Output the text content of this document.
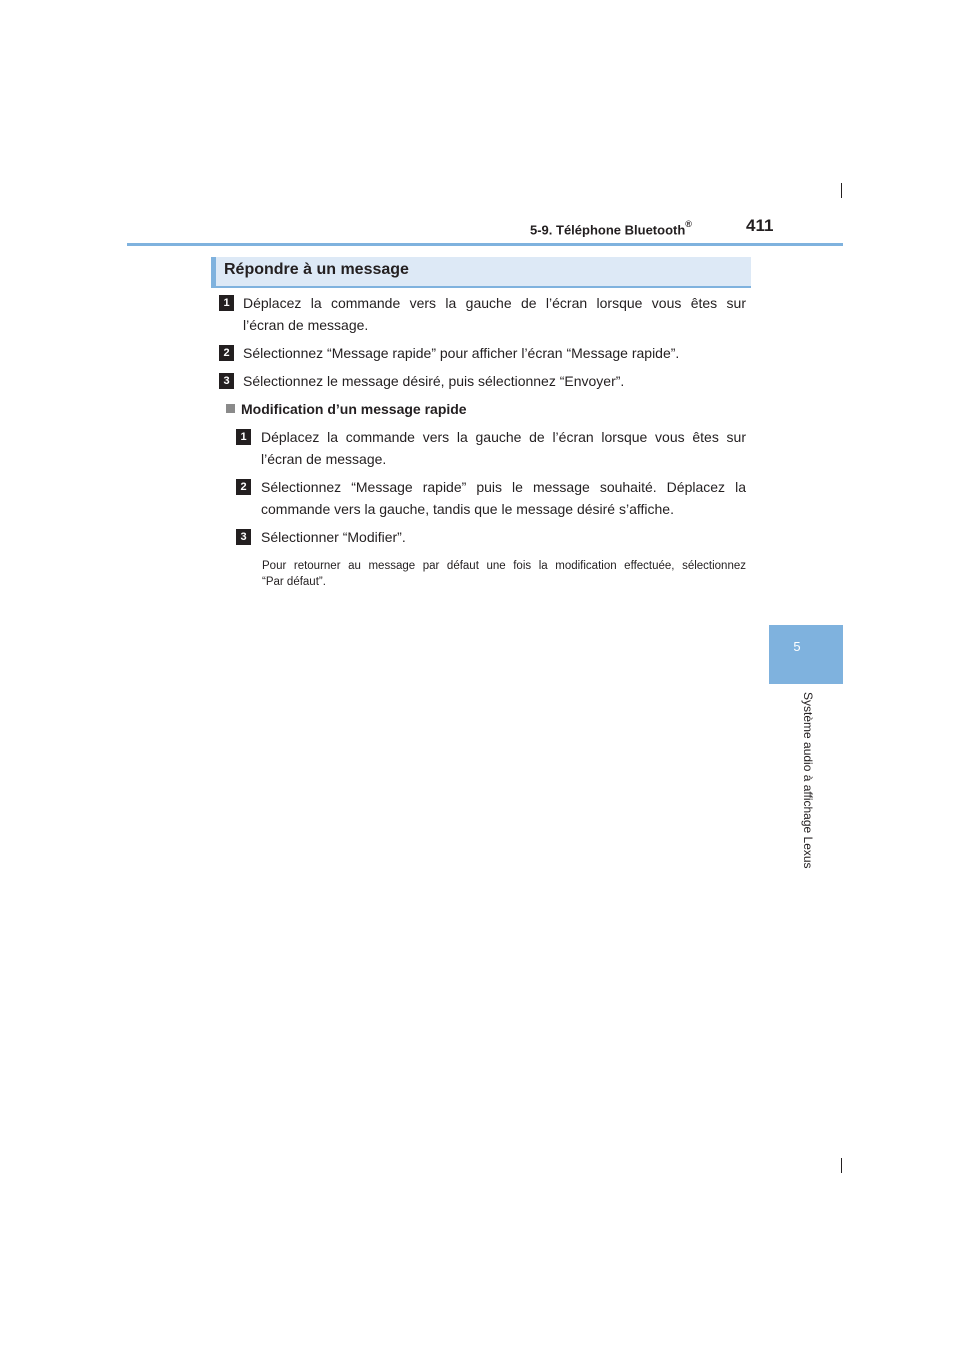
5-9. Téléphone Bluetooth®	411
5
Système audio à affichage Lexus
Répondre à un message
1 Déplacez la commande vers la gauche de l’écran lorsque vous êtes sur
l’écran de message.
2 Sélectionnez “Message rapide” pour afficher l’écran “Message rapide”.
3 Sélectionnez le message désiré, puis sélectionnez “Envoyer”.
Modification d’un message rapide
1	Déplacez la commande vers la gauche de l’écran lorsque vous êtes sur
l’écran de message.
2	Sélectionnez “Message rapide” puis le message souhaité. Déplacez la
commande vers la gauche, tandis que le message désiré s’affiche.
3	Sélectionner “Modifier”.
Pour retourner au message par défaut une fois la modification effectuée, sélectionnez
“Par défaut”.
